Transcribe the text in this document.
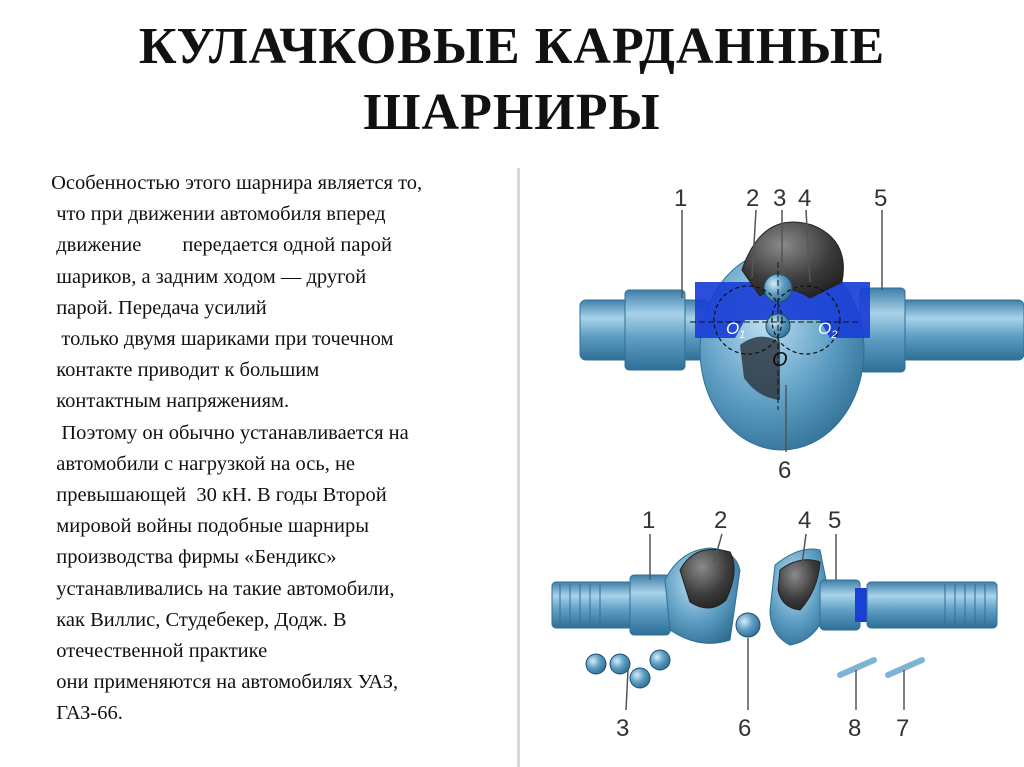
КУЛАЧКОВЫЕ КАРДАННЫЕ
ШАРНИРЫ
Особенностью этого шарнира является то,
что при движении автомобиля вперед
движение        передается одной парой
шариков, а задним ходом — другой
парой. Передача усилий
только двумя шариками при точечном
контакте приводит к большим
контактным напряжениям.
Поэтому он обычно устанавливается на
автомобили с нагрузкой на ось, не
превышающей  30 кН. В годы Второй
мировой войны подобные шарниры
производства фирмы «Бендикс»
устанавливались на такие автомобили,
как Виллис, Студебекер, Додж. В
отечественной практике
они применяются на автомобилях УАЗ,
ГАЗ-66.
$O_1$	$O_2$
O
1 2 3 4	5
6
1 2	4 5
3	6	8 7
